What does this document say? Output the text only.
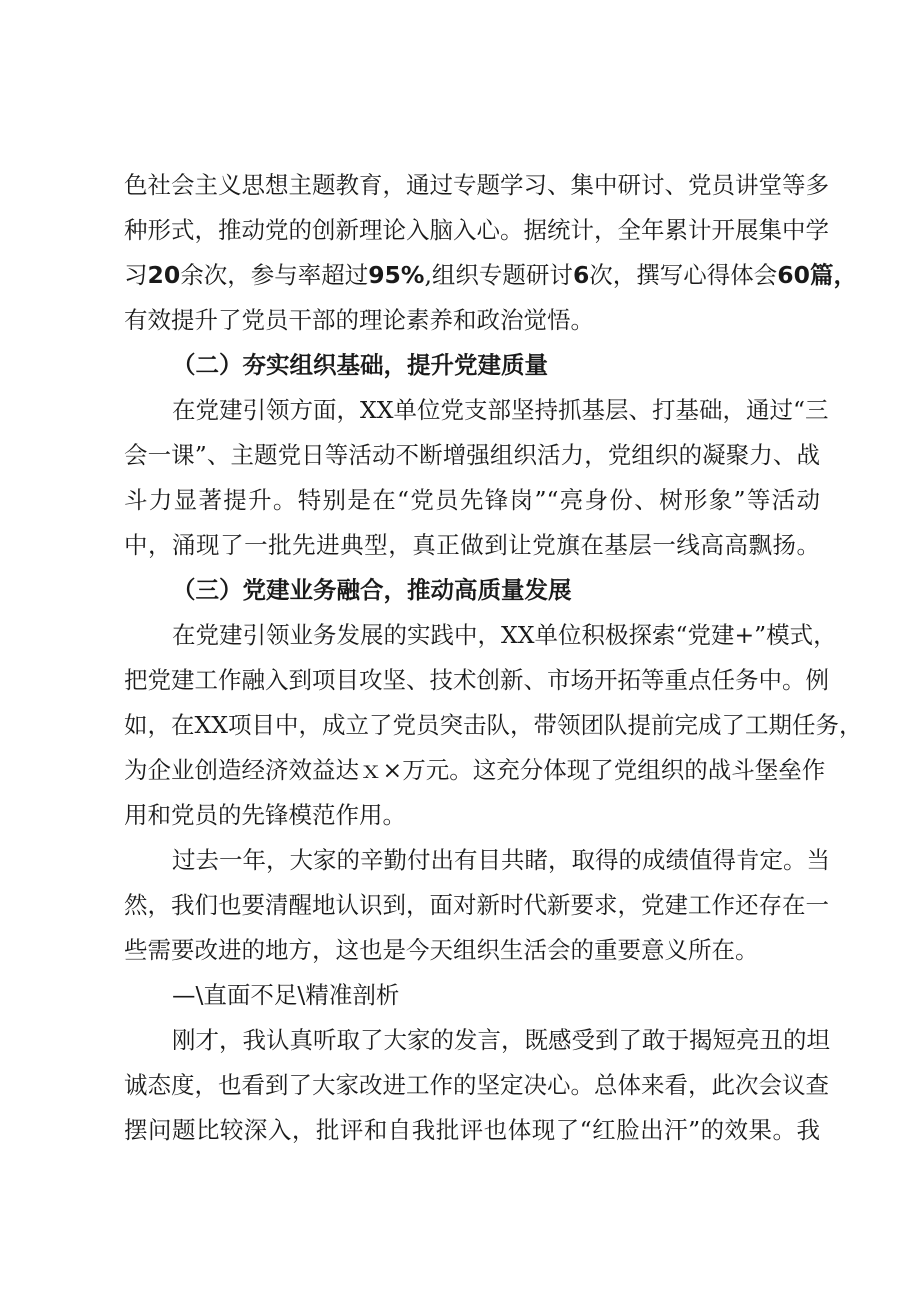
色社会主义思想主题教育，通过专题学习、集中研讨、党员讲堂等多
种形式，推动党的创新理论入脑入心。据统计，全年累计开展集中学
习20余次，参与率超过95%,组织专题研讨6次，撰写心得体会60篇，
有效提升了党员干部的理论素养和政治觉悟。
（二）夯实组织基础，提升党建质量
在党建引领方面，XX单位党支部坚持抓基层、打基础，通过“三
会一课”、主题党日等活动不断增强组织活力，党组织的凝聚力、战
斗力显著提升。特别是在“党员先锋岗”“亮身份、树形象”等活动
中，涌现了一批先进典型，真正做到让党旗在基层一线高高飘扬。
（三）党建业务融合，推动高质量发展
在党建引领业务发展的实践中，XX单位积极探索“党建+”模式，
把党建工作融入到项目攻坚、技术创新、市场开拓等重点任务中。例
如，在XX项目中，成立了党员突击队，带领团队提前完成了工期任务，
为企业创造经济效益达ｘ×万元。这充分体现了党组织的战斗堡垒作
用和党员的先锋模范作用。
过去一年，大家的辛勤付出有目共睹，取得的成绩值得肯定。当
然，我们也要清醒地认识到，面对新时代新要求，党建工作还存在一
些需要改进的地方，这也是今天组织生活会的重要意义所在。
—\直面不足\精准剖析
刚才，我认真听取了大家的发言，既感受到了敢于揭短亮丑的坦
诚态度，也看到了大家改进工作的坚定决心。总体来看，此次会议查
摆问题比较深入，批评和自我批评也体现了“红脸出汗”的效果。我
